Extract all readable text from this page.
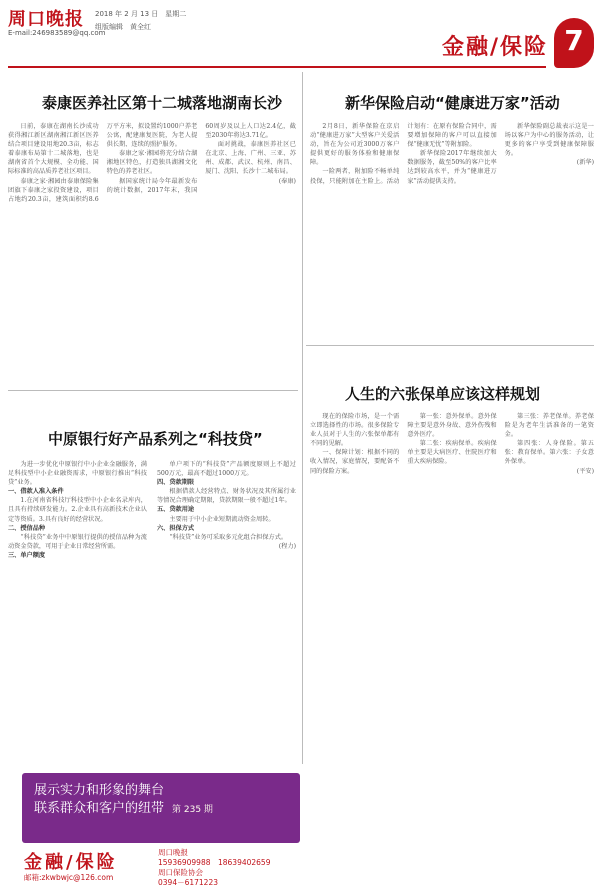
周口晚报 2018 年 2 月 13 日　星期二
E-mail:246983589@qq.com
组版编辑　黄全红
金融/保险 7
泰康医养社区第十二城落地湖南长沙

日前，泰康在湖南长沙成功获得湘江新区湖南湘江新区医养结合项目建设用地20.3亩，标志着泰康布局第十二城落地，也是湖南省首个大规模、全功能、国际标准的高品质养老社区项目。

泰康之家·湘园由泰康保险集团旗下泰康之家投资建设，项目占地约20.3亩，建筑面积约8.6万平方米，拟设置约1000户养老公寓，配建康复医院，为老人提供长期、连续的照护服务。

泰康之家·湘园将充分结合湖湘地区特色，打造独具湖湘文化特色的养老社区。

据国家统计局今年最新发布的统计数据，2017年末，我国60周岁及以上人口达2.4亿，截至2030年将达3.71亿。

面对挑战，泰康医养社区已在北京、上海、广州、三亚、苏州、成都、武汉、杭州、南昌、厦门、沈阳、长沙十二城布局。

(奉康)

新华保险启动“健康进万家”活动

2月8日，新华保险在京启动“健康进万家”大型客户关爱活动，旨在为公司近3000万客户提供更好的服务体验和健康保障。

一险两者，附加险不畅单纯投保，只能附加在主险上。活动计划有：在原有保险合同中，需要增加保障的客户可以直接加保“健康无忧”等附加险。

新华保险2017年继续加大数据服务，截至50%的客户比率达到较高水平，并为“健康进万家”活动提供支持。

新华保险副总裁表示这是一场以客户为中心的服务活动，让更多的客户享受到健康保障服务。

(新华)

中原银行好产品系列之“科技贷”

为进一步优化中原银行中小企业金融服务，满足科技型中小企业融资需求，中原银行推出“科技贷”业务。

一、借款人准入条件

1.在河南省科技厅科技型中小企业名录库内，且具有持续研发能力。2.企业具有高新技术企业认定等资质。3.具有良好的经营状况。

二、授信品种

“科技贷”业务中中原银行提供的授信品种为流动资金贷款，可用于企业日常经营所需。

三、单户额度

单户项下的“科技贷”产品额度原则上不超过500万元，最高不超过1000万元。

四、贷款期限

根据借款人经营特点、财务状况及其所属行业等情况合理确定期限，贷款期限一般不超过1年。

五、贷款用途

主要用于中小企业短期流动资金周转。

六、担保方式

“科技贷”业务可采取多元化组合担保方式。

(程力)

人生的六张保单应该这样规划

现在的保险市场，是一个需立即选择性的市场。很多保险专业人员对于人生的六张保单都有不同的见解。

一、保障计划：根据不同的收入情况，家庭情况，要配备不同的保险方案。

第一张：意外保单。意外保障主要是意外身故、意外伤残和意外医疗。

第二张：疾病保单。疾病保单主要是大病医疗、住院医疗和重大疾病保险。

第三张：养老保单。养老保险是为老年生活准备的一笔资金。

第四张：人身保险。第五张：教育保单。第六张：子女意外保单。

(平安)

展示实力和形象的舞台
联系群众和客户的纽带 第 235 期
金融/保险	周口晚报
15936909988　18639402659
周口保险协会
0394－6171223
邮箱:zkwbwjc@126.com
